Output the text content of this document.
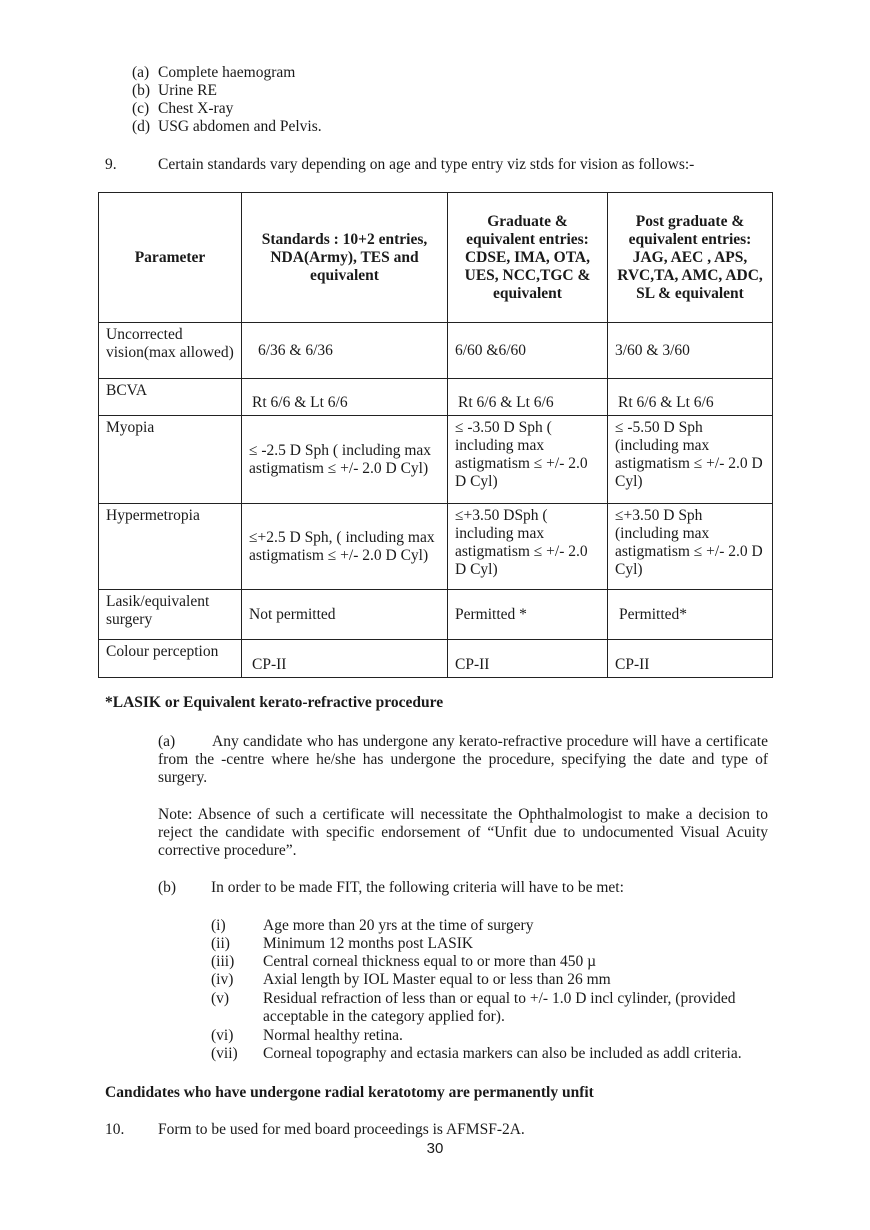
(a) Complete haemogram
(b) Urine RE
(c) Chest X-ray
(d) USG abdomen and Pelvis.
9.	Certain standards vary depending on age and type entry viz stds for vision as follows:-
Parameter	Standards : 10+2 entries, NDA(Army), TES and equivalent	Graduate & equivalent entries: CDSE, IMA, OTA, UES, NCC,TGC & equivalent	Post graduate & equivalent entries: JAG, AEC , APS, RVC,TA, AMC, ADC, SL & equivalent
Uncorrected vision(max allowed)	6/36 & 6/36	6/60 &6/60	3/60 & 3/60
BCVA	Rt 6/6 & Lt 6/6	Rt 6/6 & Lt 6/6	Rt 6/6 & Lt 6/6
Myopia	≤ -2.5 D Sph ( including max astigmatism ≤ +/- 2.0 D Cyl)	≤ -3.50 D Sph ( including max astigmatism ≤ +/- 2.0 D Cyl)	≤ -5.50 D Sph (including max astigmatism ≤ +/- 2.0 D Cyl)
Hypermetropia	≤+2.5 D Sph, ( including max astigmatism ≤ +/- 2.0 D Cyl)	≤+3.50 DSph ( including max astigmatism ≤ +/- 2.0 D Cyl)	≤+3.50 D Sph (including max astigmatism ≤ +/- 2.0 D Cyl)
Lasik/equivalent surgery	Not permitted	Permitted *	Permitted*
Colour perception	CP-II	CP-II	CP-II
*LASIK or Equivalent kerato-refractive procedure
(a)	Any candidate who has undergone any kerato-refractive procedure will have a certificate from the -centre where he/she has undergone the procedure, specifying the date and type of surgery.
Note: Absence of such a certificate will necessitate the Ophthalmologist to make a decision to reject the candidate with specific endorsement of “Unfit due to undocumented Visual Acuity corrective procedure”.
(b) In order to be made FIT, the following criteria will have to be met:
(i) Age more than 20 yrs at the time of surgery
(ii) Minimum 12 months post LASIK
(iii) Central corneal thickness equal to or more than 450 µ
(iv) Axial length by IOL Master equal to or less than 26 mm
(v) Residual refraction of less than or equal to +/- 1.0 D incl cylinder, (provided acceptable in the category applied for).
(vi) Normal healthy retina.
(vii) Corneal topography and ectasia markers can also be included as addl criteria.
Candidates who have undergone radial keratotomy are permanently unfit
10. Form to be used for med board proceedings is AFMSF-2A.
30
